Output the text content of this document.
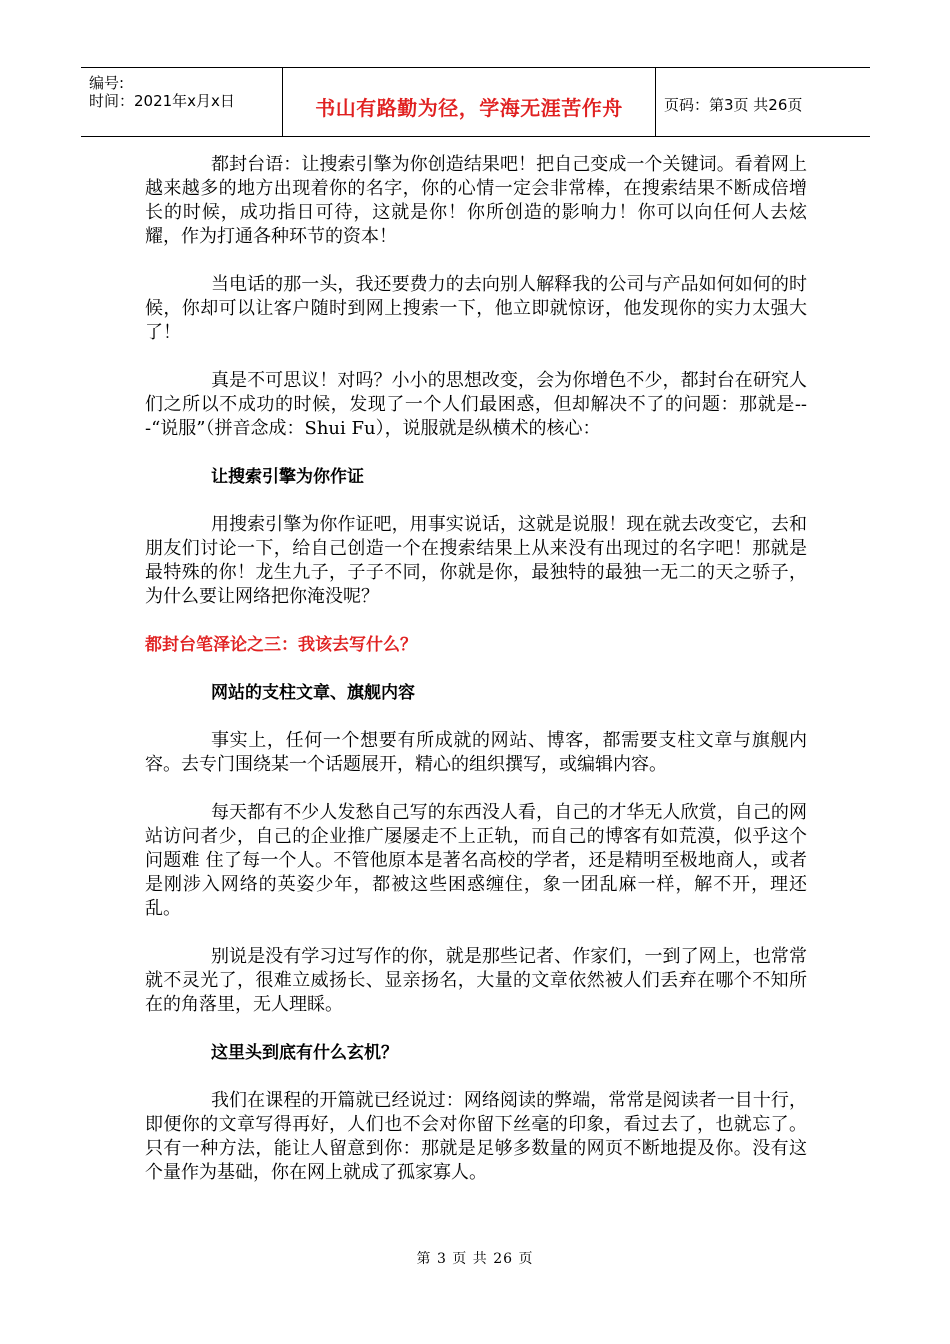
编号:
时间：2021年x月x日	书山有路勤为径，学海无涯苦作舟	页码：第3页 共26页

都封台语：让搜索引擎为你创造结果吧！把自己变成一个关键词。看着网上越来越多的地方出现着你的名字，你的心情一定会非常棒，在搜索结果不断成倍增长的时候，成功指日可待，这就是你！你所创造的影响力！你可以向任何人去炫耀，作为打通各种环节的资本！

当电话的那一头，我还要费力的去向别人解释我的公司与产品如何如何的时候，你却可以让客户随时到网上搜索一下，他立即就惊讶，他发现你的实力太强大了！

真是不可思议！对吗？小小的思想改变，会为你增色不少，都封台在研究人们之所以不成功的时候，发现了一个人们最困惑，但却解决不了的问题：那就是---“说服”（拼音念成：Shui Fu），说服就是纵横术的核心：

让搜索引擎为你作证

用搜索引擎为你作证吧，用事实说话，这就是说服！现在就去改变它，去和朋友们讨论一下，给自己创造一个在搜索结果上从来没有出现过的名字吧！那就是最特殊的你！龙生九子，子子不同，你就是你，最独特的最独一无二的天之骄子，为什么要让网络把你淹没呢？

都封台笔泽论之三：我该去写什么？

网站的支柱文章、旗舰内容

事实上，任何一个想要有所成就的网站、博客，都需要支柱文章与旗舰内容。去专门围绕某一个话题展开，精心的组织撰写，或编辑内容。

每天都有不少人发愁自己写的东西没人看，自己的才华无人欣赏，自己的网站访问者少，自己的企业推广屡屡走不上正轨，而自己的博客有如荒漠，似乎这个问题难 住了每一个人。不管他原本是著名高校的学者，还是精明至极地商人，或者是刚涉入网络的英姿少年，都被这些困惑缠住，象一团乱麻一样，解不开，理还乱。

别说是没有学习过写作的你，就是那些记者、作家们，一到了网上，也常常就不灵光了，很难立威扬长、显亲扬名，大量的文章依然被人们丢弃在哪个不知所在的角落里，无人理睬。

这里头到底有什么玄机？

我们在课程的开篇就已经说过：网络阅读的弊端，常常是阅读者一目十行，即便你的文章写得再好，人们也不会对你留下丝毫的印象，看过去了，也就忘了。只有一种方法，能让人留意到你：那就是足够多数量的网页不断地提及你。没有这个量作为基础，你在网上就成了孤家寡人。

第 3 页 共 26 页
